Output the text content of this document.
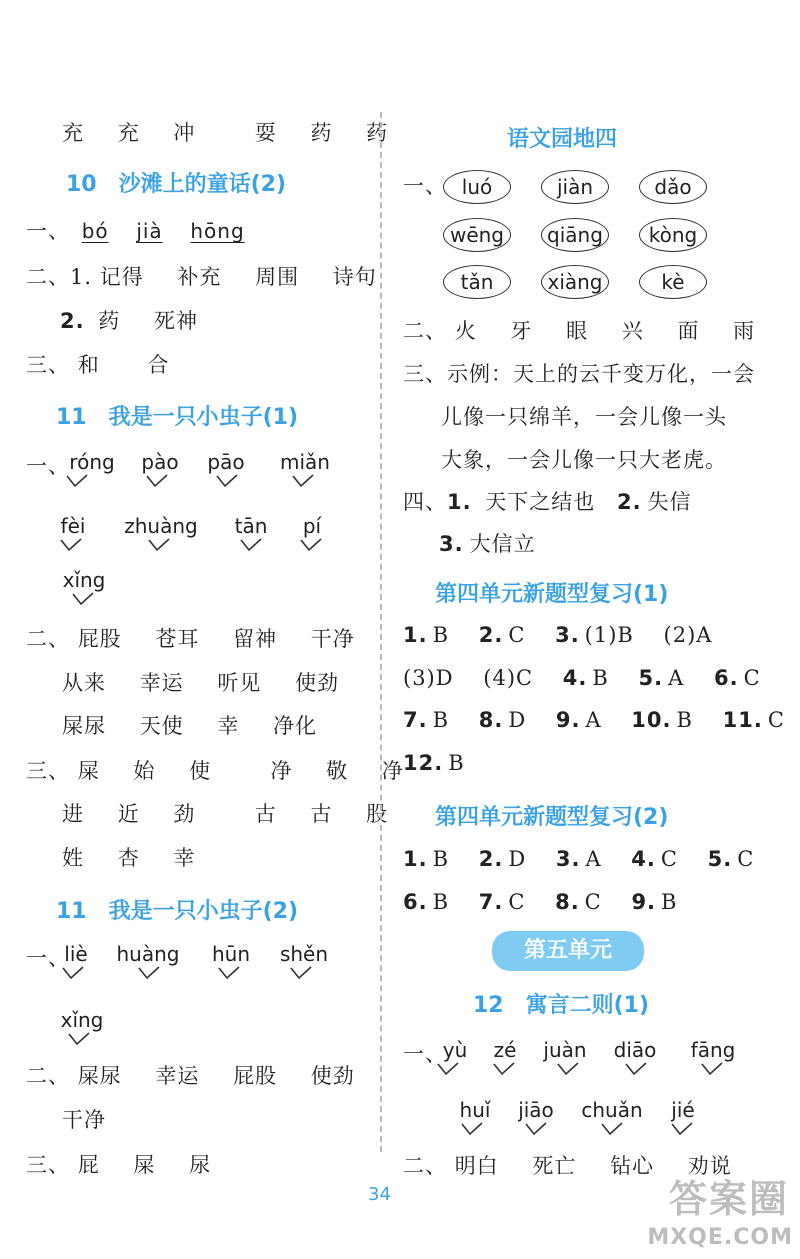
充 充 冲	耍 药 药
10 沙滩上的童话(2)
一、 bó jià hōng
二、1. 记得 补充 周围 诗句
2. 药 死神
三、 和 合
11 我是一只小虫子(1)
一、 róng	pào	pāo	miǎn
fèi	zhuàng	tān	pí
xǐng
二、 屁股 苍耳 留神 干净
从来 幸运 听见 使劲
屎尿 天使 幸 净化
三、 屎 始 使	净 敬 净
进 近 劲	古 古 股
姓 杏 幸
11 我是一只小虫子(2)
一、
liè	huàng hūn shěn
xǐng
二、 屎尿 幸运 屁股 使劲
干净
三、 屁 屎 尿
语文园地四
一、 luó	jiàn	dǎo
wēng	qiāng	kòng
tǎn	xiàng	kè
二、 火 牙 眼 兴 面 雨
三、示例：天上的云千变万化，一会
儿像一只绵羊，一会儿像一头
大象，一会儿像一只大老虎。
四、1. 天下之结也 2. 失信
3. 大信立
第四单元新题型复习(1)
1. B 2. C 3. (1)B (2)A
(3)D (4)C 4. B 5. A 6. C
7. B 8. D 9. A 10. B 11. C
12. B
第四单元新题型复习(2)
1. B 2. D 3. A 4. C 5. C
6. B 7. C 8. C 9. B
12 寓言二则(1)
一、
yù	zé	juàn	diāo	fāng
huǐ	jiāo	chuǎn	jié
二、 明白 死亡 钻心 劝说
第五单元
34	答案圈
MXQE.COM
